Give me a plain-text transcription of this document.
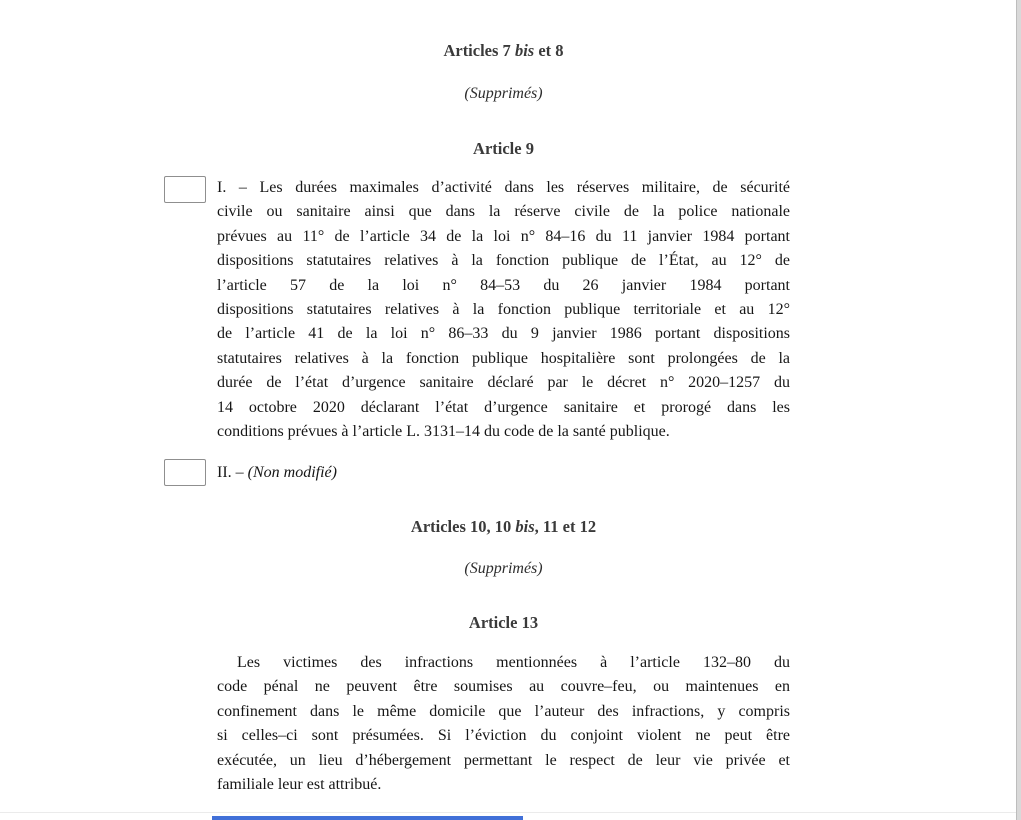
Articles 7 bis et 8
(Supprimés)
Article 9
I. – Les durées maximales d’activité dans les réserves militaire, de sécurité
civile ou sanitaire ainsi que dans la réserve civile de la police nationale
prévues au 11° de l’article 34 de la loi n° 84–16 du 11 janvier 1984 portant
dispositions statutaires relatives à la fonction publique de l’État, au 12° de
l’article 57 de la loi n° 84–53 du 26 janvier 1984 portant
dispositions statutaires relatives à la fonction publique territoriale et au 12°
de l’article 41 de la loi n° 86–33 du 9 janvier 1986 portant dispositions
statutaires relatives à la fonction publique hospitalière sont prolongées de la
durée de l’état d’urgence sanitaire déclaré par le décret n° 2020–1257 du
14 octobre 2020 déclarant l’état d’urgence sanitaire et prorogé dans les
conditions prévues à l’article L. 3131–14 du code de la santé publique.
II. – (Non modifié)
Articles 10, 10 bis, 11 et 12
(Supprimés)
Article 13
Les victimes des infractions mentionnées à l’article 132–80 du
code pénal ne peuvent être soumises au couvre–feu, ou maintenues en
confinement dans le même domicile que l’auteur des infractions, y compris
si celles–ci sont présumées. Si l’éviction du conjoint violent ne peut être
exécutée, un lieu d’hébergement permettant le respect de leur vie privée et
familiale leur est attribué.
